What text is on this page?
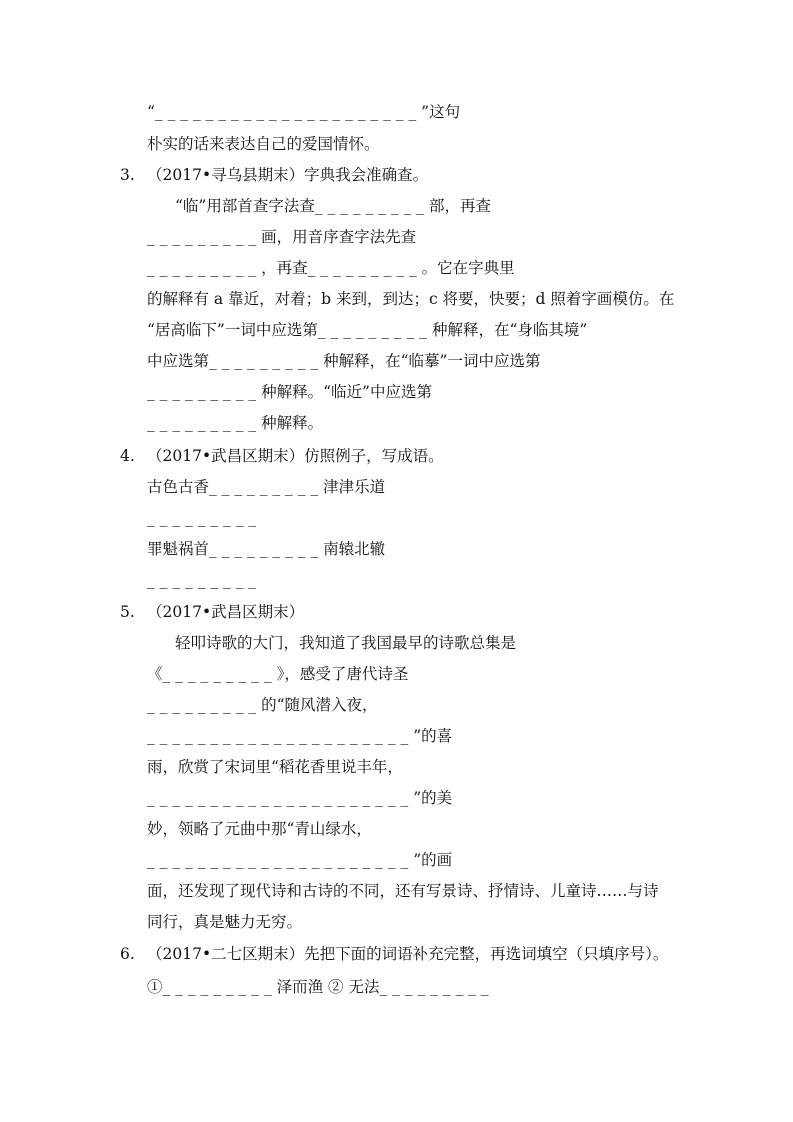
“_ _ _ _ _ _ _ _ _ _ _ _ _ _ _ _ _ _ _ _ _ ”这句
朴实的话来表达自己的爱国情怀。
3. （2017•寻乌县期末）字典我会准确查。
“临”用部首查字法查_ _ _ _ _ _ _ _ _ 部，再查
_ _ _ _ _ _ _ _ _ 画，用音序查字法先查
_ _ _ _ _ _ _ _ _ ，再查_ _ _ _ _ _ _ _ _ 。它在字典里
的解释有 a 靠近，对着；b 来到，到达；c 将要，快要；d 照着字画模仿。在
“居高临下”一词中应选第_ _ _ _ _ _ _ _ _ 种解释，在“身临其境”
中应选第_ _ _ _ _ _ _ _ _ 种解释，在“临摹”一词中应选第
_ _ _ _ _ _ _ _ _ 种解释。“临近”中应选第
_ _ _ _ _ _ _ _ _ 种解释。
4. （2017•武昌区期末）仿照例子，写成语。
古色古香_ _ _ _ _ _ _ _ _ 津津乐道
_ _ _ _ _ _ _ _ _
罪魁祸首_ _ _ _ _ _ _ _ _ 南辕北辙
_ _ _ _ _ _ _ _ _
5. （2017•武昌区期末）
轻叩诗歌的大门，我知道了我国最早的诗歌总集是
《_ _ _ _ _ _ _ _ _ 》，感受了唐代诗圣
_ _ _ _ _ _ _ _ _ 的“随风潜入夜，
_ _ _ _ _ _ _ _ _ _ _ _ _ _ _ _ _ _ _ _ _ ”的喜
雨，欣赏了宋词里“稻花香里说丰年，
_ _ _ _ _ _ _ _ _ _ _ _ _ _ _ _ _ _ _ _ _ ”的美
妙，领略了元曲中那“青山绿水，
_ _ _ _ _ _ _ _ _ _ _ _ _ _ _ _ _ _ _ _ _ ”的画
面，还发现了现代诗和古诗的不同，还有写景诗、抒情诗、儿童诗……与诗
同行，真是魅力无穷。
6. （2017•二七区期末）先把下面的词语补充完整，再选词填空（只填序号）。
①_ _ _ _ _ _ _ _ _ 泽而渔 ② 无法_ _ _ _ _ _ _ _ _
